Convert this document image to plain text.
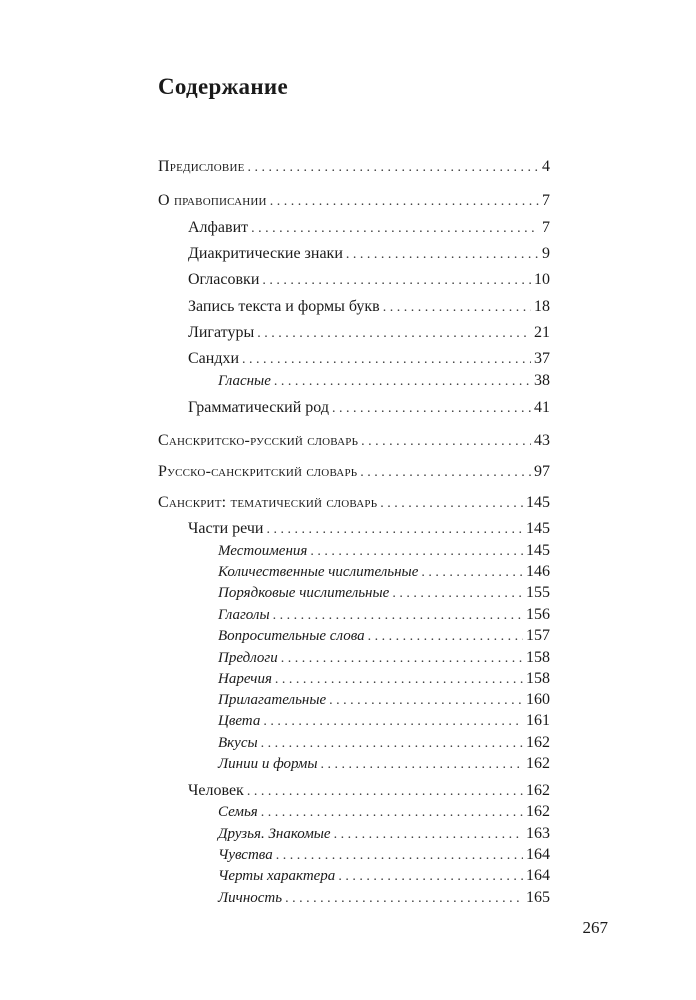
Содержание
Предисловие . . .	4
О правописании . . .	7
Алфавит . . .	7
Диакритические знаки . . .	9
Огласовки . . .	10
Запись текста и формы букв . . .	18
Лигатуры . . .	21
Сандхи . . .	37
Гласные . . .	38
Грамматический род . . .	41
Санскритско-русский словарь . . .	43
Русско-санскритский словарь . . .	97
Санскрит: тематический словарь . . .	145
Части речи . . .	145
Местоимения . . .	145
Количественные числительные . . .	146
Порядковые числительные . . .	155
Глаголы . . .	156
Вопросительные слова . . .	157
Предлоги . . .	158
Наречия . . .	158
Прилагательные . . .	160
Цвета . . .	161
Вкусы . . .	162
Линии и формы . . .	162
Человек . . .	162
Семья . . .	162
Друзья. Знакомые . . .	163
Чувства . . .	164
Черты характера . . .	164
Личность . . .	165
267
